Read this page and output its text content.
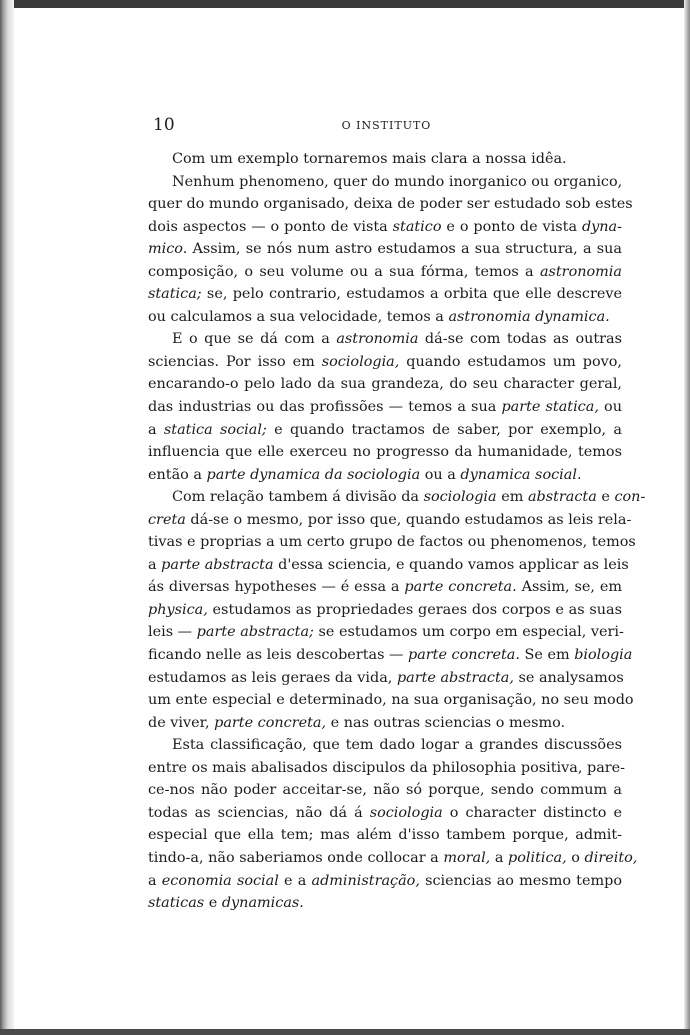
10	O INSTITUTO
Com um exemplo tornaremos mais clara a nossa idêa.
Nenhum phenomeno, quer do mundo inorganico ou organico,
quer do mundo organisado, deixa de poder ser estudado sob estes
dois aspectos — o ponto de vista statico e o ponto de vista dyna-
mico. Assim, se nós num astro estudamos a sua structura, a sua
composição, o seu volume ou a sua fórma, temos a astronomia
statica; se, pelo contrario, estudamos a orbita que elle descreve
ou calculamos a sua velocidade, temos a astronomia dynamica.
E o que se dá com a astronomia dá-se com todas as outras
sciencias. Por isso em sociologia, quando estudamos um povo,
encarando-o pelo lado da sua grandeza, do seu character geral,
das industrias ou das profissões — temos a sua parte statica, ou
a statica social; e quando tractamos de saber, por exemplo, a
influencia que elle exerceu no progresso da humanidade, temos
então a parte dynamica da sociologia ou a dynamica social.
Com relação tambem á divisão da sociologia em abstracta e con-
creta dá-se o mesmo, por isso que, quando estudamos as leis rela-
tivas e proprias a um certo grupo de factos ou phenomenos, temos
a parte abstracta d'essa sciencia, e quando vamos applicar as leis
ás diversas hypotheses — é essa a parte concreta. Assim, se, em
physica, estudamos as propriedades geraes dos corpos e as suas
leis — parte abstracta; se estudamos um corpo em especial, veri-
ficando nelle as leis descobertas — parte concreta. Se em biologia
estudamos as leis geraes da vida, parte abstracta, se analysamos
um ente especial e determinado, na sua organisação, no seu modo
de viver, parte concreta, e nas outras sciencias o mesmo.
Esta classificação, que tem dado logar a grandes discussões
entre os mais abalisados discipulos da philosophia positiva, pare-
ce-nos não poder acceitar-se, não só porque, sendo commum a
todas as sciencias, não dá á sociologia o character distincto e
especial que ella tem; mas além d'isso tambem porque, admit-
tindo-a, não saberiamos onde collocar a moral, a politica, o direito,
a economia social e a administração, sciencias ao mesmo tempo
staticas e dynamicas.
